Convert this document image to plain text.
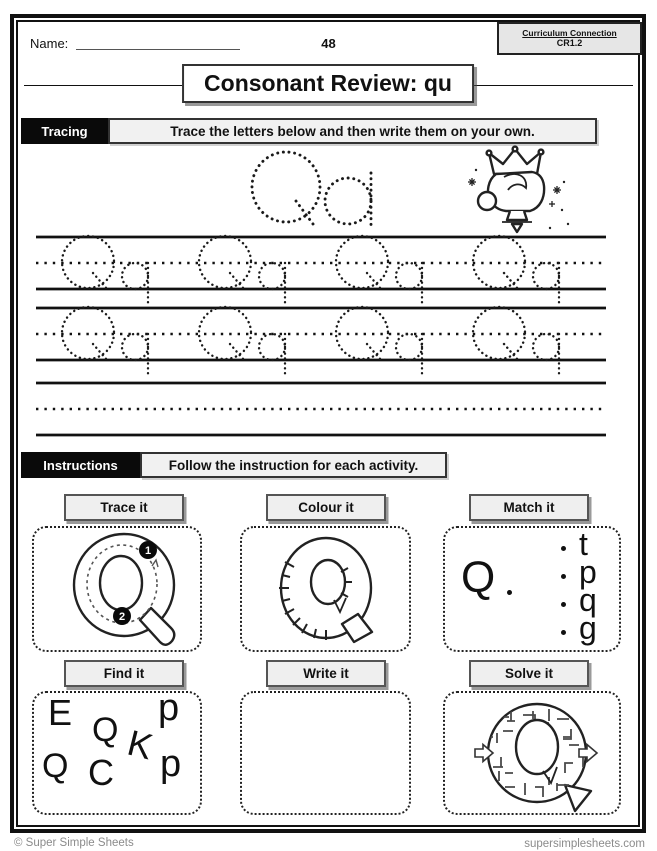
Name:	48
Curriculum Connection
CR1.2
Consonant Review: qu
Tracing	Trace the letters below and then write them on your own.
Instructions	Follow the instruction for each activity.
Trace it	Colour it	Match it
Find it	Write it	Solve it
1
2
Q
t
p
q
g
E Q
p
K
Q C p
© Super Simple Sheets	supersimplesheets.com
